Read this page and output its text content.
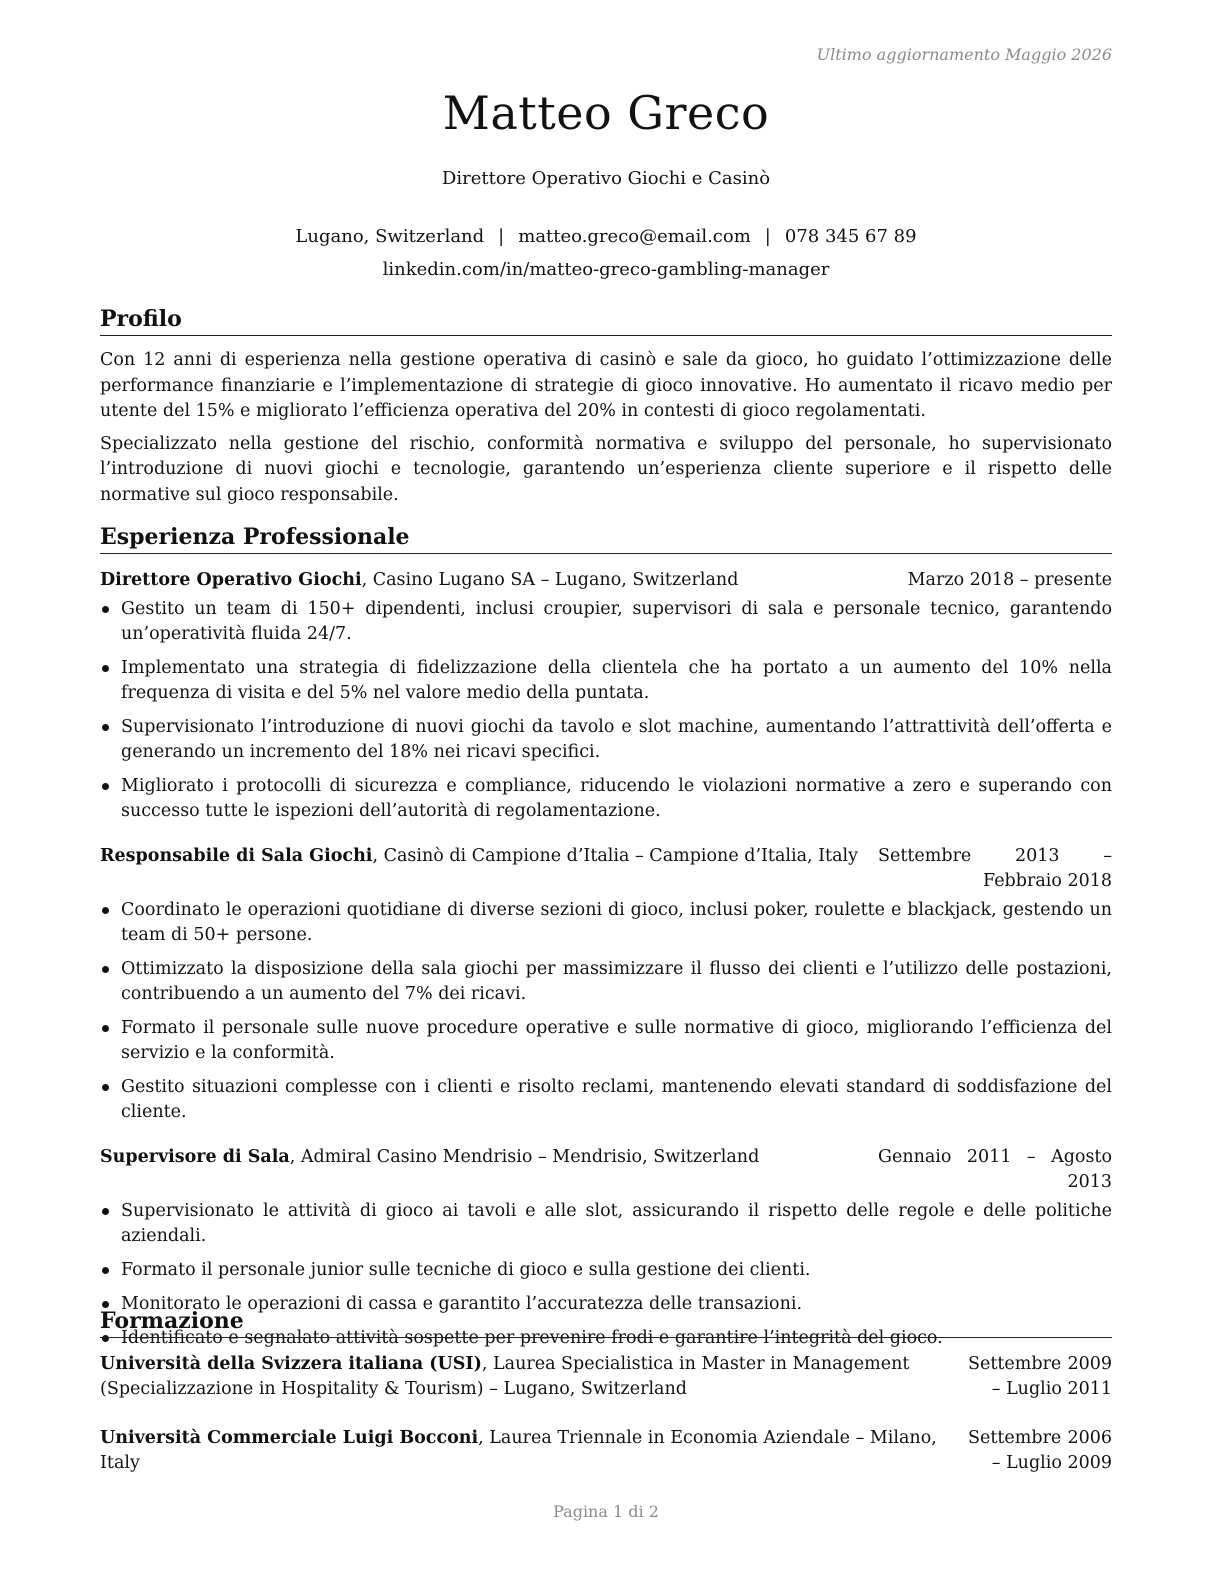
Ultimo aggiornamento Maggio 2026
Matteo Greco
Direttore Operativo Giochi e Casinò
Lugano, Switzerland | matteo.greco@email.com | 078 345 67 89
linkedin.com/in/matteo-greco-gambling-manager
Profilo

Con 12 anni di esperienza nella gestione operativa di casinò e sale da gioco, ho guidato l’ottimizzazione delle performance finanziarie e l’implementazione di strategie di gioco innovative. Ho aumentato il ricavo medio per utente del 15% e migliorato l’efficienza operativa del 20% in contesti di gioco regolamentati.

Specializzato nella gestione del rischio, conformità normativa e sviluppo del personale, ho supervisionato l’introduzione di nuovi giochi e tecnologie, garantendo un’esperienza cliente superiore e il rispetto delle normative sul gioco responsabile.

Esperienza Professionale
Direttore Operativo Giochi, Casino Lugano SA – Lugano, Switzerland	Marzo 2018 – presente
Gestito un team di 150+ dipendenti, inclusi croupier, supervisori di sala e personale tecnico, garantendo un’operatività fluida 24/7.
Implementato una strategia di fidelizzazione della clientela che ha portato a un aumento del 10% nella frequenza di visita e del 5% nel valore medio della puntata.
Supervisionato l’introduzione di nuovi giochi da tavolo e slot machine, aumentando l’attrattività dell’offerta e generando un incremento del 18% nei ricavi specifici.
Migliorato i protocolli di sicurezza e compliance, riducendo le violazioni normative a zero e superando con successo tutte le ispezioni dell’autorità di regolamentazione.
Responsabile di Sala Giochi, Casinò di Campione d’Italia – Campione d’Italia, Italy	Settembre 2013 – Febbraio 2018
Coordinato le operazioni quotidiane di diverse sezioni di gioco, inclusi poker, roulette e blackjack, gestendo un team di 50+ persone.
Ottimizzato la disposizione della sala giochi per massimizzare il flusso dei clienti e l’utilizzo delle postazioni, contribuendo a un aumento del 7% dei ricavi.
Formato il personale sulle nuove procedure operative e sulle normative di gioco, migliorando l’efficienza del servizio e la conformità.
Gestito situazioni complesse con i clienti e risolto reclami, mantenendo elevati standard di soddisfazione del cliente.
Supervisore di Sala, Admiral Casino Mendrisio – Mendrisio, Switzerland	Gennaio 2011 – Agosto 2013
Supervisionato le attività di gioco ai tavoli e alle slot, assicurando il rispetto delle regole e delle politiche aziendali.
Formato il personale junior sulle tecniche di gioco e sulla gestione dei clienti.
Monitorato le operazioni di cassa e garantito l’accuratezza delle transazioni.
Identificato e segnalato attività sospette per prevenire frodi e garantire l’integrità del gioco.
Formazione
Università della Svizzera italiana (USI), Laurea Specialistica in Master in Management (Specializzazione in Hospitality & Tourism) – Lugano, Switzerland
Settembre 2009 – Luglio 2011
Università Commerciale Luigi Bocconi, Laurea Triennale in Economia Aziendale – Milano, Italy
Settembre 2006 – Luglio 2009
Pagina 1 di 2
